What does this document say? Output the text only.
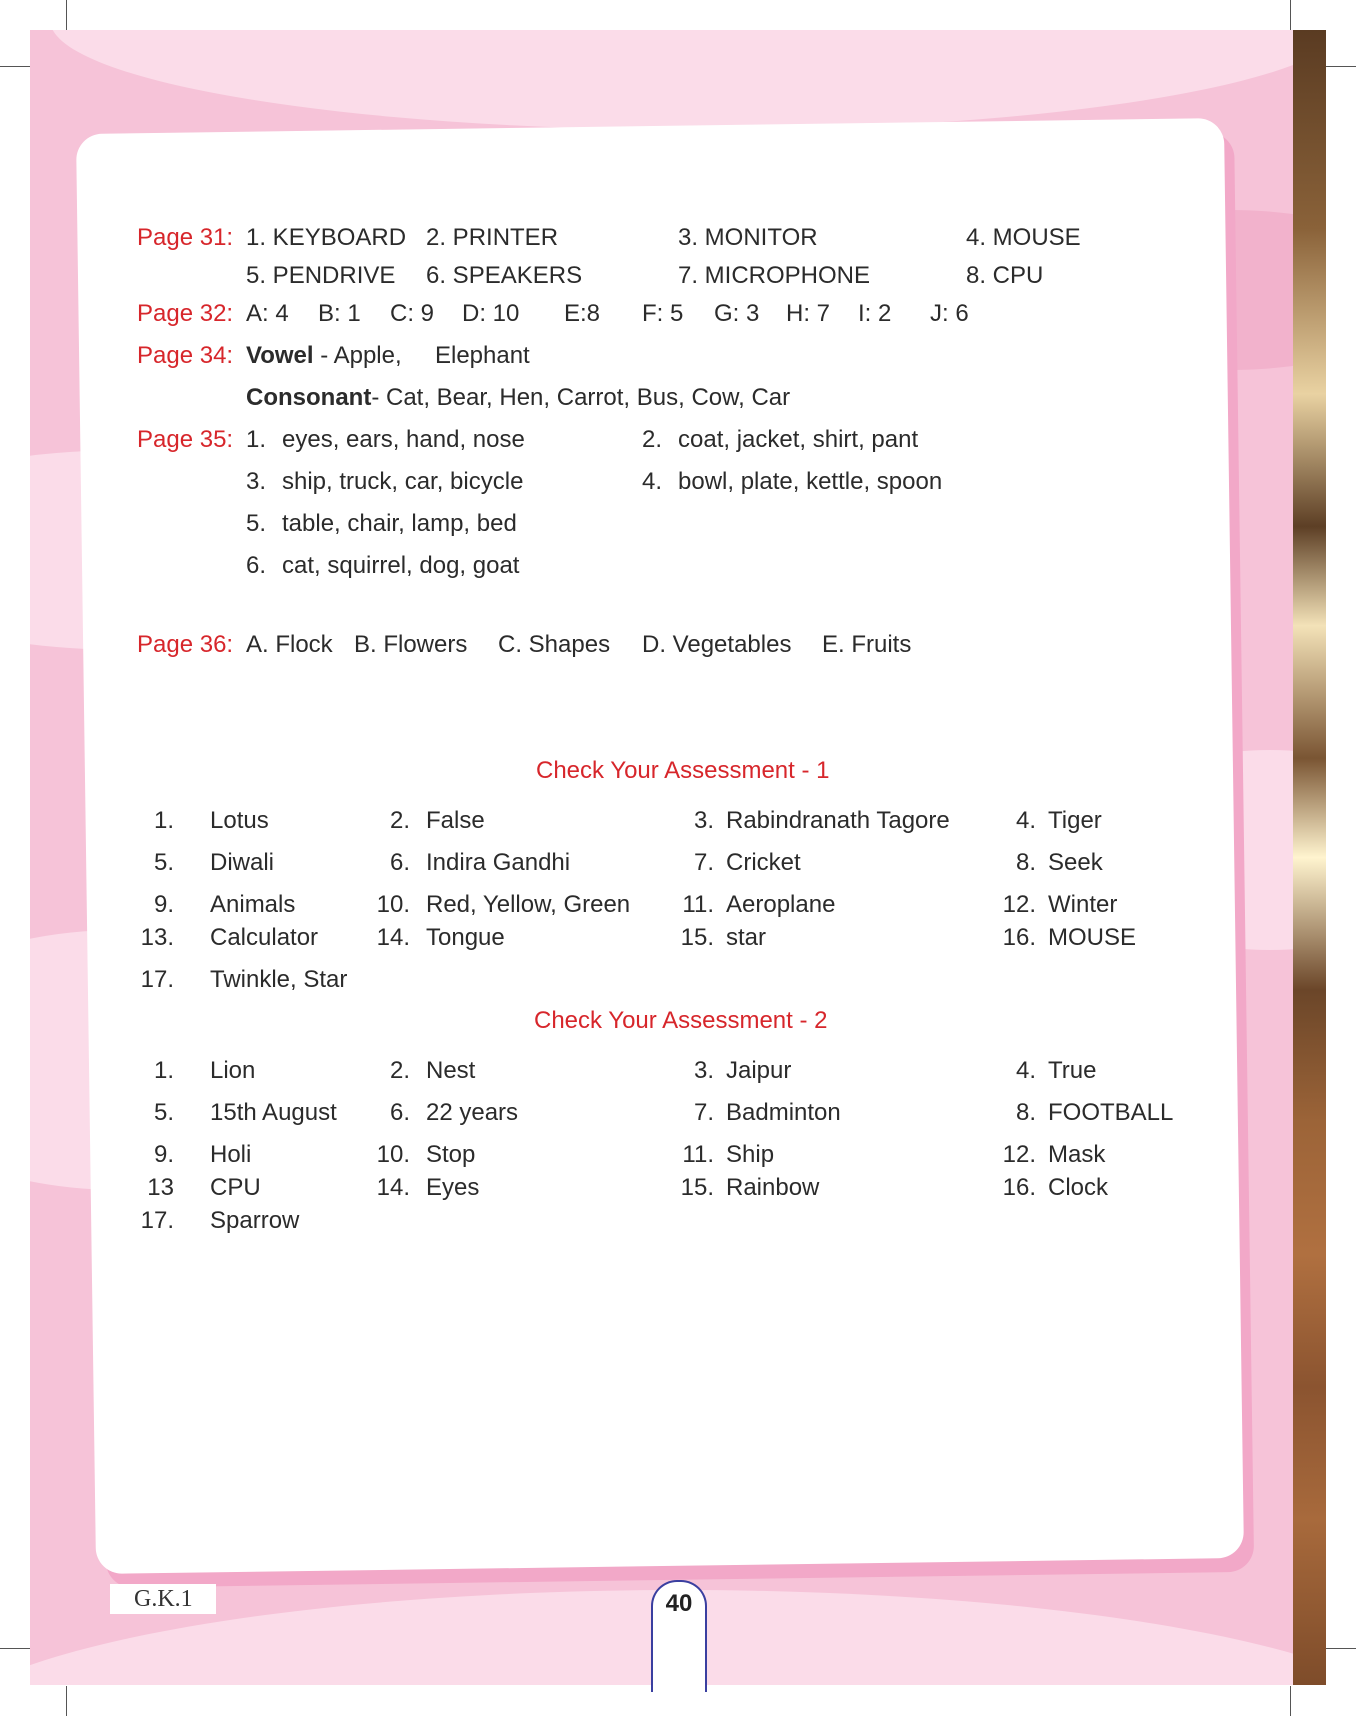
Page 31: 1. KEYBOARD 2. PRINTER	3. MONITOR	4. MOUSE
5. PENDRIVE 6. SPEAKERS	7. MICROPHONE	8. CPU
Page 32: A: 4 B: 1 C: 9 D: 10 E:8 F: 5 G: 3 H: 7 I: 2 J: 6
Page 34: Vowel - Apple,     Elephant
Consonant- Cat, Bear, Hen, Carrot, Bus, Cow, Car
Page 35: 1. eyes, ears, hand, nose	2. coat, jacket, shirt, pant
3. ship, truck, car, bicycle	4. bowl, plate, kettle, spoon
5. table, chair, lamp, bed
6. cat, squirrel, dog, goat
Page 36: A. Flock B. Flowers C. Shapes D. Vegetables E. Fruits
Check Your Assessment - 1
1. Lotus	2. False	3. Rabindranath Tagore	4. Tiger
5. Diwali	6. Indira Gandhi	7. Cricket	8. Seek
9. Animals	10. Red, Yellow, Green	11. Aeroplane	12. Winter
13. Calculator	14. Tongue	15. star	16. MOUSE
17. Twinkle, Star
Check Your Assessment - 2
1. Lion	2. Nest	3. Jaipur	4. True
5. 15th August	6. 22 years	7. Badminton	8. FOOTBALL
9. Holi	10. Stop	11. Ship	12. Mask
13 CPU	14. Eyes	15. Rainbow	16. Clock
17. Sparrow
G.K.1	40
